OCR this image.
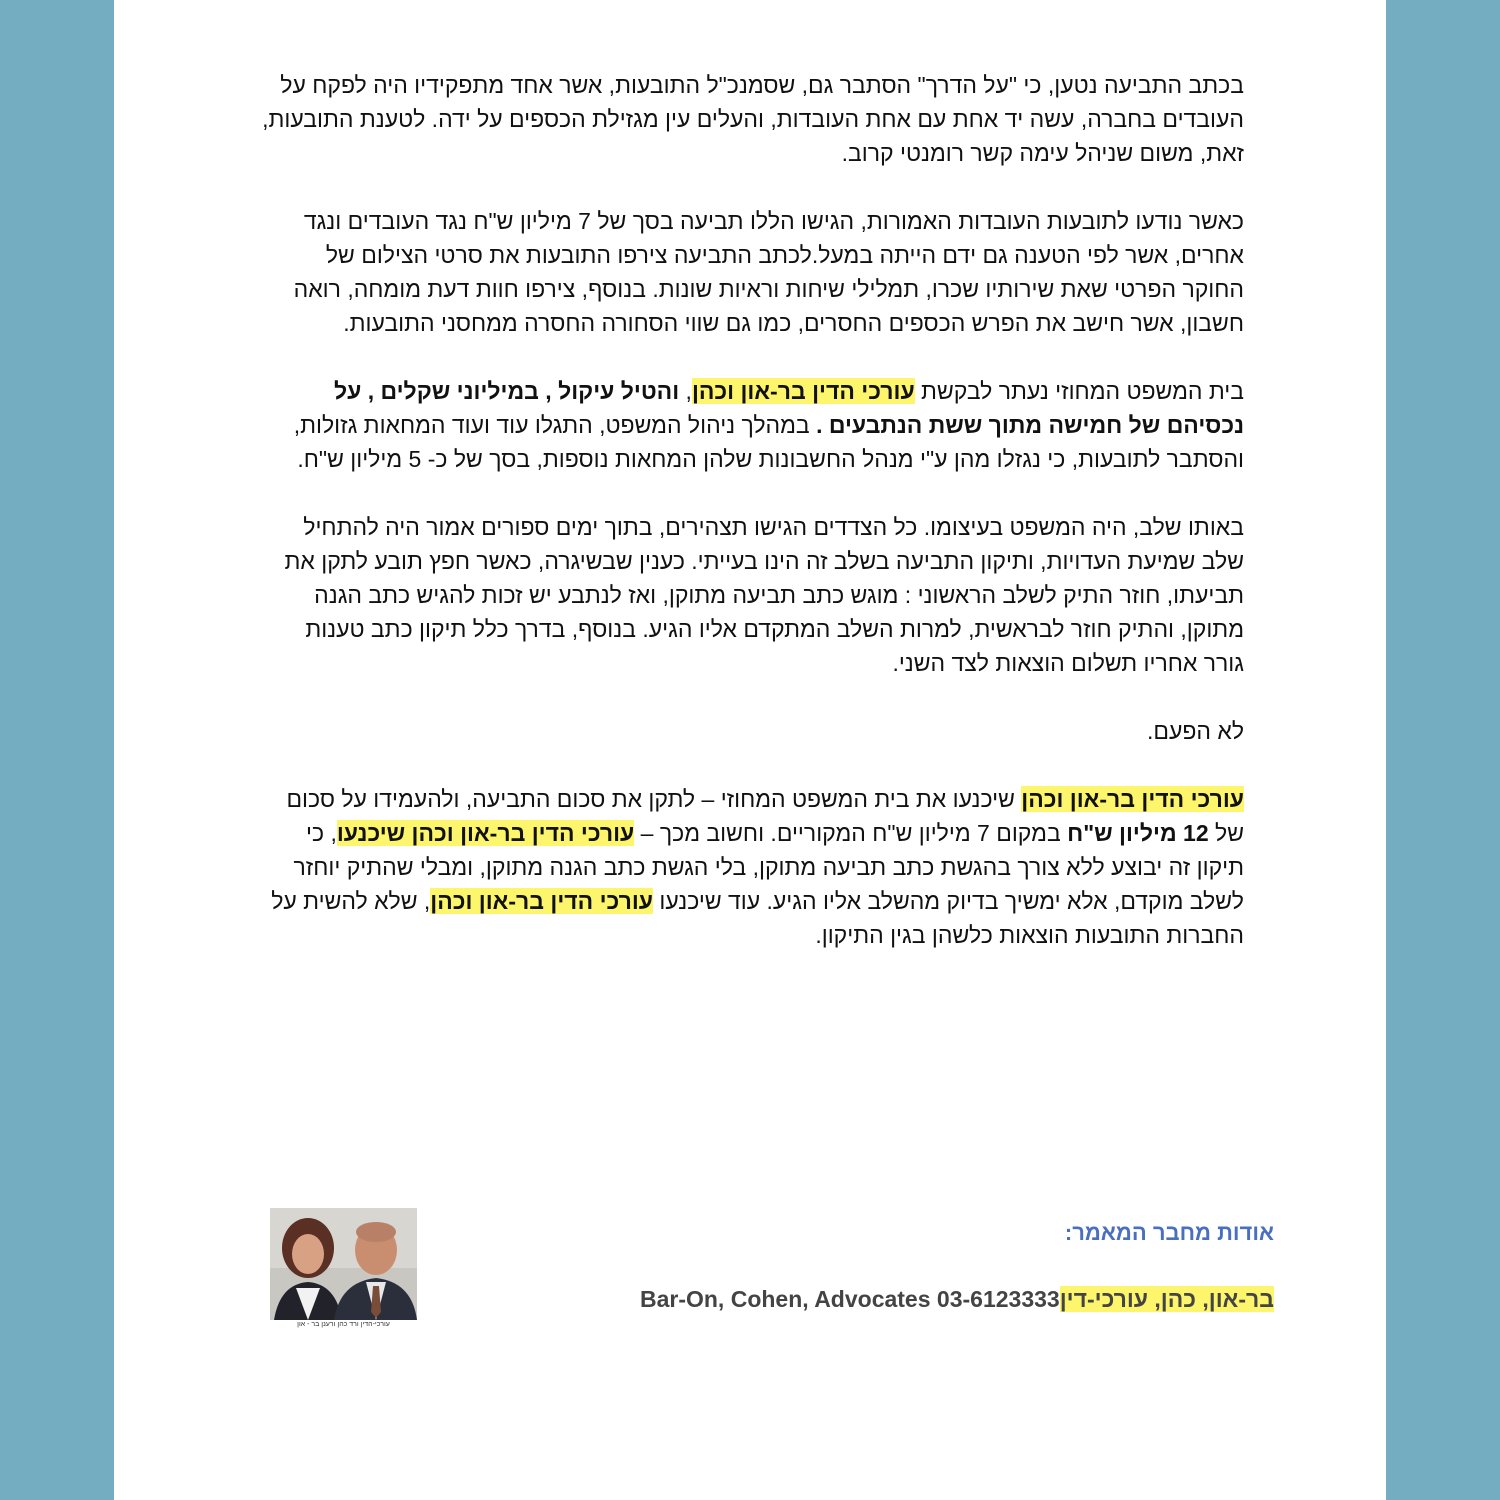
בכתב התביעה נטען, כי "על הדרך" הסתבר גם, שסמנכ"ל התובעות, אשר אחד מתפקידיו היה לפקח על העובדים בחברה, עשה יד אחת עם אחת העובדות, והעלים עין מגזילת הכספים על ידה. לטענת התובעות, זאת, משום שניהל עימה קשר רומנטי קרוב.

כאשר נודעו לתובעות העובדות האמורות, הגישו הללו תביעה בסך של 7 מיליון ש"ח נגד העובדים ונגד אחרים, אשר לפי הטענה גם ידם הייתה במעל.לכתב התביעה צירפו התובעות את סרטי הצילום של החוקר הפרטי שאת שירותיו שכרו, תמלילי שיחות וראיות שונות. בנוסף, צירפו חוות דעת מומחה, רואה חשבון, אשר חישב את הפרש הכספים החסרים, כמו גם שווי הסחורה החסרה ממחסני התובעות.

בית המשפט המחוזי נעתר לבקשת עורכי הדין בר-און וכהן, והטיל עיקול , במיליוני שקלים , על נכסיהם של חמישה מתוך ששת הנתבעים . במהלך ניהול המשפט, התגלו עוד ועוד המחאות גזולות, והסתבר לתובעות, כי נגזלו מהן ע"י מנהל החשבונות שלהן המחאות נוספות, בסך של כ- 5 מיליון ש"ח.

באותו שלב, היה המשפט בעיצומו. כל הצדדים הגישו תצהירים, בתוך ימים ספורים אמור היה להתחיל שלב שמיעת העדויות, ותיקון התביעה בשלב זה הינו בעייתי. כענין שבשיגרה, כאשר חפץ תובע לתקן את תביעתו, חוזר התיק לשלב הראשוני : מוגש כתב תביעה מתוקן, ואז לנתבע יש זכות להגיש כתב הגנה מתוקן, והתיק חוזר לבראשית, למרות השלב המתקדם אליו הגיע. בנוסף, בדרך כלל תיקון כתב טענות גורר אחריו תשלום הוצאות לצד השני.

לא הפעם.

עורכי הדין בר-און וכהן שיכנעו את בית המשפט המחוזי – לתקן את סכום התביעה, ולהעמידו על סכום של 12 מיליון ש"ח במקום 7 מיליון ש"ח המקוריים. וחשוב מכך – עורכי הדין בר-און וכהן שיכנעו, כי תיקון זה יבוצע ללא צורך בהגשת כתב תביעה מתוקן, בלי הגשת כתב הגנה מתוקן, ומבלי שהתיק יוחזר לשלב מוקדם, אלא ימשיך בדיוק מהשלב אליו הגיע. עוד שיכנעו עורכי הדין בר-און וכהן, שלא להשית על החברות התובעות הוצאות כלשהן בגין התיקון.

אודות מחבר המאמר:
בר-און, כהן, עורכי-דין Bar-On, Cohen, Advocates 03-6123333
עורכי-הדין ורד כהן ורענן בר - און
